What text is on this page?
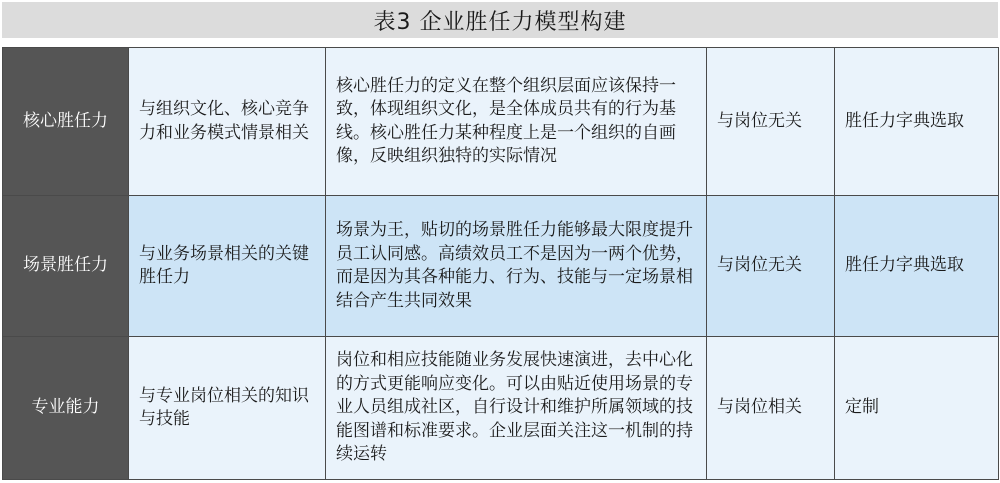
表3 企业胜任力模型构建
核心胜任力	与组织文化、核心竞争力和业务模式情景相关	核心胜任力的定义在整个组织层面应该保持一致，体现组织文化，是全体成员共有的行为基线。核心胜任力某种程度上是一个组织的自画像，反映组织独特的实际情况	与岗位无关	胜任力字典选取
场景胜任力	与业务场景相关的关键胜任力	场景为王，贴切的场景胜任力能够最大限度提升员工认同感。高绩效员工不是因为一两个优势，而是因为其各种能力、行为、技能与一定场景相结合产生共同效果	与岗位无关	胜任力字典选取
专业能力	与专业岗位相关的知识与技能	岗位和相应技能随业务发展快速演进，去中心化的方式更能响应变化。可以由贴近使用场景的专业人员组成社区，自行设计和维护所属领域的技能图谱和标准要求。企业层面关注这一机制的持续运转	与岗位相关	定制
